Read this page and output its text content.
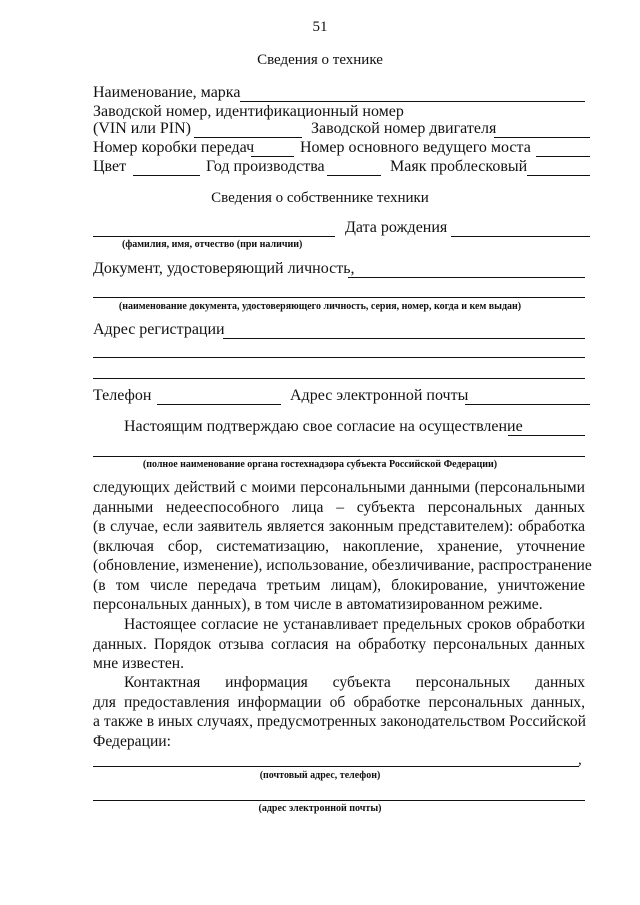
51
Сведения о технике
Наименование, марка
Заводской номер, идентификационный номер
(VIN или PIN)	Заводской номер двигателя
Номер коробки передач	Номер основного ведущего моста
Цвет	Год производства	Маяк проблесковый
Сведения о собственнике техники
Дата рождения
(фамилия, имя, отчество (при наличии)
Документ, удостоверяющий личность,
(наименование документа, удостоверяющего личность, серия, номер, когда и кем выдан)
Адрес регистрации
Телефон	Адрес электронной почты
Настоящим подтверждаю свое согласие на осуществление
(полное наименование органа гостехнадзора субъекта Российской Федерации)
следующих действий с моими персональными данными (персональными
данными недееспособного лица – субъекта персональных данных
(в случае, если заявитель является законным представителем): обработка
(включая сбор, систематизацию, накопление, хранение, уточнение
(обновление, изменение), использование, обезличивание, распространение
(в том числе передача третьим лицам), блокирование, уничтожение
персональных данных), в том числе в автоматизированном режиме.
Настоящее согласие не устанавливает предельных сроков обработки
данных. Порядок отзыва согласия на обработку персональных данных
мне известен.
Контактная информация субъекта персональных данных
для предоставления информации об обработке персональных данных,
а также в иных случаях, предусмотренных законодательством Российской
Федерации:
,
(почтовый адрес, телефон)
(адрес электронной почты)
